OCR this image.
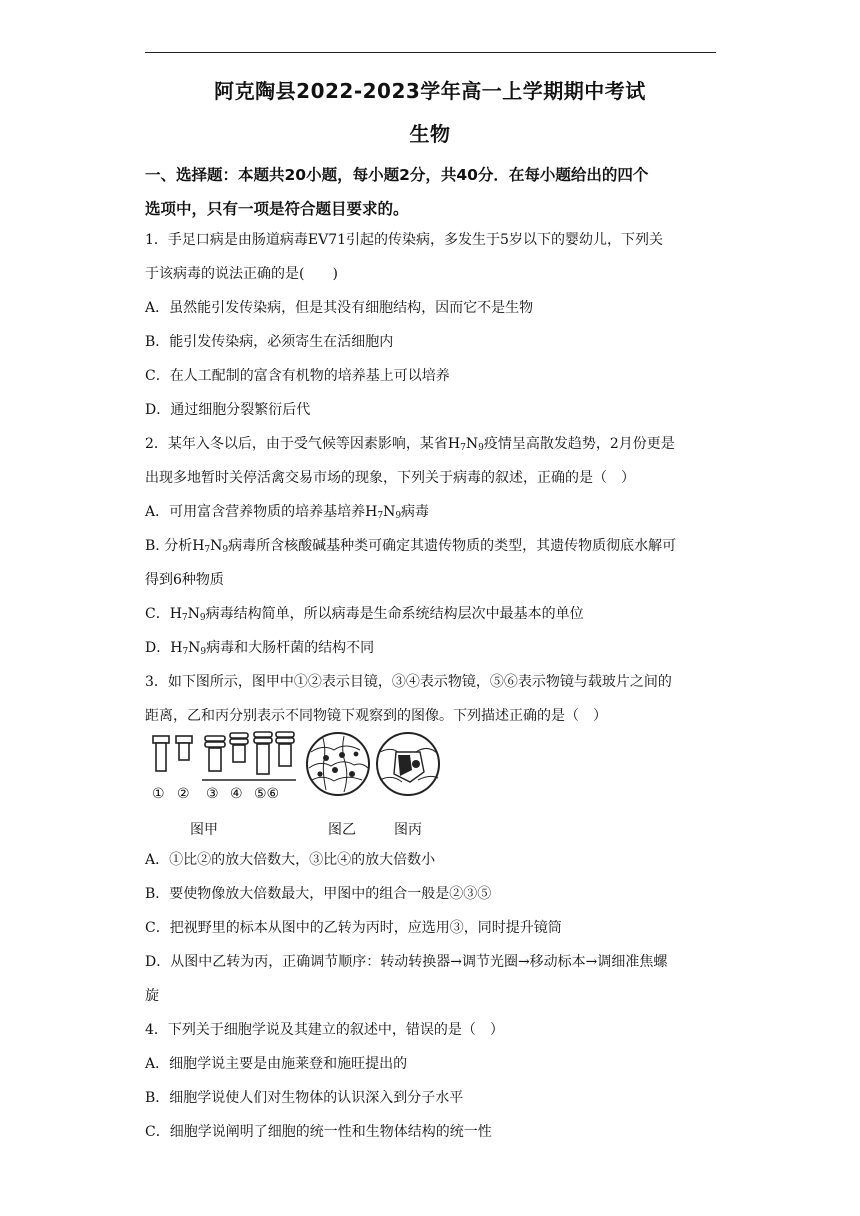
阿克陶县2022-2023学年高一上学期期中考试
生物
一、选择题：本题共20小题，每小题2分，共40分．在每小题给出的四个
选项中，只有一项是符合题目要求的。
1．手足口病是由肠道病毒EV71引起的传染病，多发生于5岁以下的婴幼儿，下列关
于该病毒的说法正确的是(　　)
A．虽然能引发传染病，但是其没有细胞结构，因而它不是生物
B．能引发传染病，必须寄生在活细胞内
C．在人工配制的富含有机物的培养基上可以培养
D．通过细胞分裂繁衍后代
2．某年入冬以后，由于受气候等因素影响，某省$H_7N_9$疫情呈高散发趋势，2月份更是
出现多地暂时关停活禽交易市场的现象，下列关于病毒的叙述，正确的是（　）
A．可用富含营养物质的培养基培养$H_7N_9$病毒
B. 分析$H_7N_9$病毒所含核酸碱基种类可确定其遗传物质的类型，其遗传物质彻底水解可
得到6种物质
C．$H_7N_9$病毒结构简单，所以病毒是生命系统结构层次中最基本的单位
D．$H_7N_9$病毒和大肠杆菌的结构不同
3．如下图所示，图甲中①②表示目镜，③④表示物镜，⑤⑥表示物镜与载玻片之间的
距离，乙和丙分别表示不同物镜下观察到的图像。下列描述正确的是（　）
① ② ③ ④ ⑤⑥
图甲	图乙	图丙
A．①比②的放大倍数大，③比④的放大倍数小
B．要使物像放大倍数最大，甲图中的组合一般是②③⑤
C．把视野里的标本从图中的乙转为丙时，应选用③，同时提升镜筒
D．从图中乙转为丙，正确调节顺序：转动转换器→调节光圈→移动标本→调细准焦螺
旋
4．下列关于细胞学说及其建立的叙述中，错误的是（　）
A．细胞学说主要是由施莱登和施旺提出的
B．细胞学说使人们对生物体的认识深入到分子水平
C．细胞学说阐明了细胞的统一性和生物体结构的统一性
